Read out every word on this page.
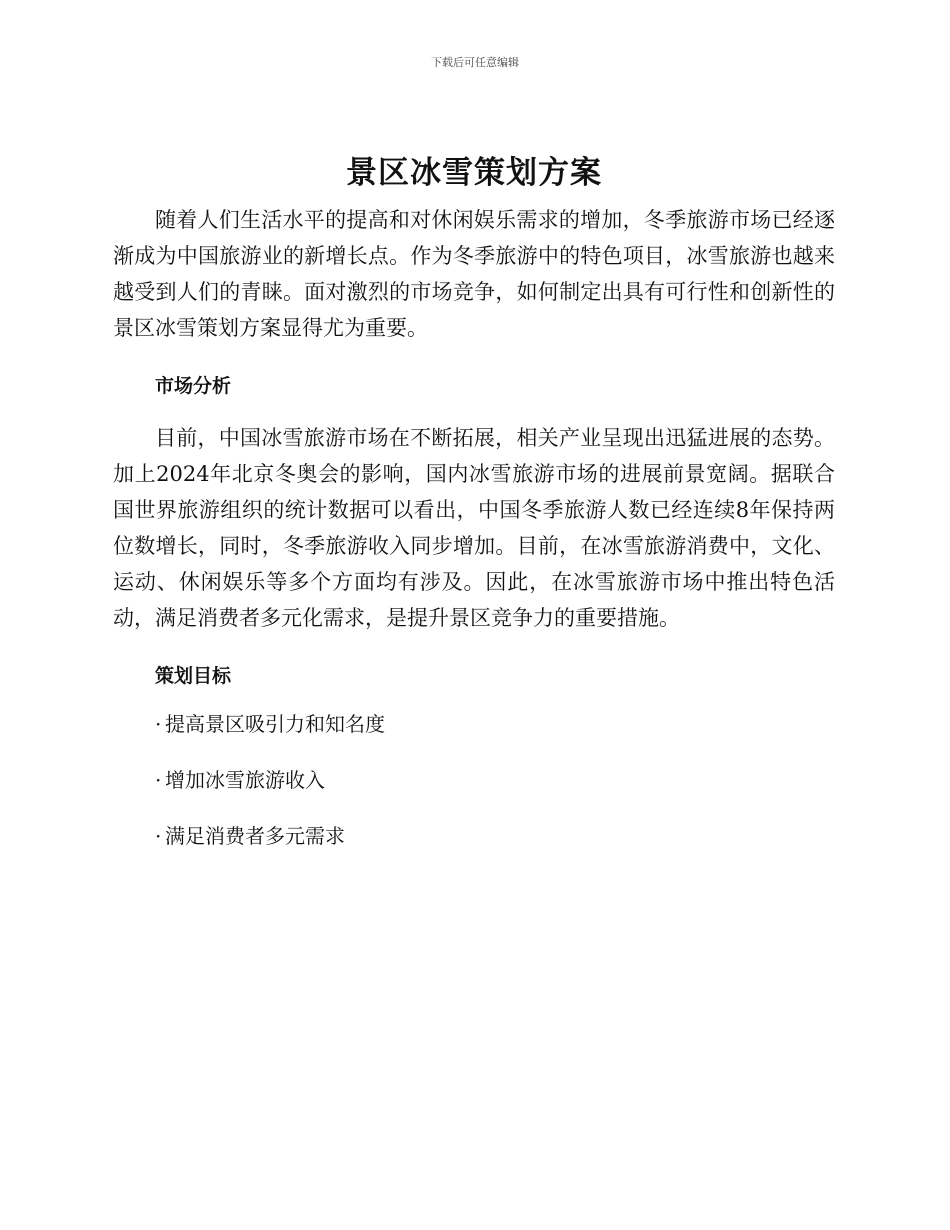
下载后可任意编辑
景区冰雪策划方案

随着人们生活水平的提高和对休闲娱乐需求的增加，冬季旅游市场已经逐渐成为中国旅游业的新增长点。作为冬季旅游中的特色项目，冰雪旅游也越来越受到人们的青睐。面对激烈的市场竞争，如何制定出具有可行性和创新性的景区冰雪策划方案显得尤为重要。

市场分析

目前，中国冰雪旅游市场在不断拓展，相关产业呈现出迅猛进展的态势。加上2024年北京冬奥会的影响，国内冰雪旅游市场的进展前景宽阔。据联合国世界旅游组织的统计数据可以看出，中国冬季旅游人数已经连续8年保持两位数增长，同时，冬季旅游收入同步增加。目前，在冰雪旅游消费中，文化、运动、休闲娱乐等多个方面均有涉及。因此，在冰雪旅游市场中推出特色活动，满足消费者多元化需求，是提升景区竞争力的重要措施。

策划目标
· 提高景区吸引力和知名度
· 增加冰雪旅游收入
· 满足消费者多元需求
